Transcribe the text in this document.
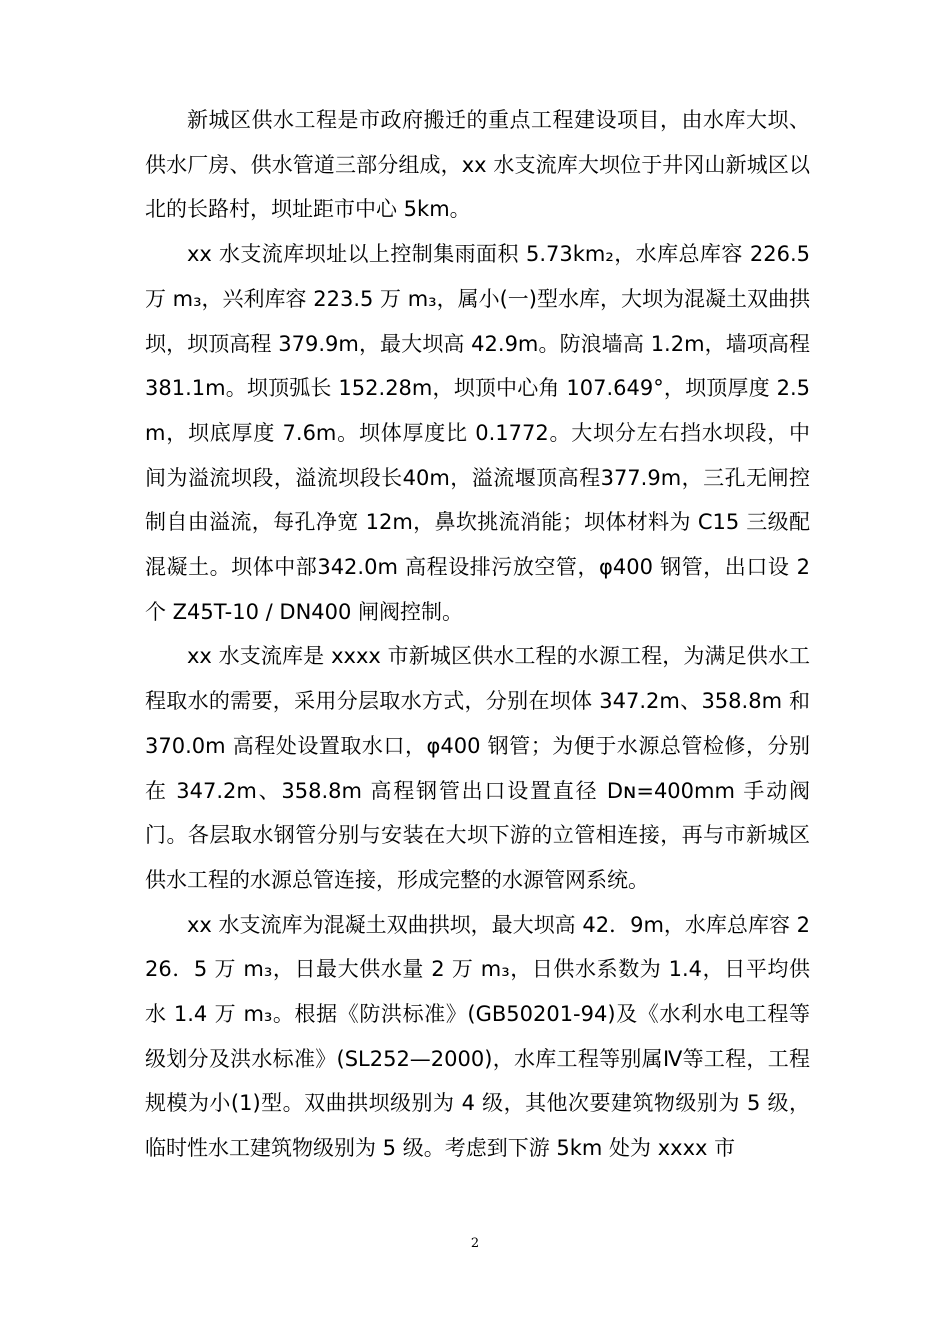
新城区供水工程是市政府搬迁的重点工程建设项目，由水库大坝、供水厂房、供水管道三部分组成，xx 水支流库大坝位于井冈山新城区以北的长路村，坝址距市中心 5km。

xx 水支流库坝址以上控制集雨面积 5.73km₂，水库总库容 226.5 万 m₃，兴利库容 223.5 万 m₃，属小(一)型水库，大坝为混凝土双曲拱坝，坝顶高程 379.9m，最大坝高 42.9m。防浪墙高 1.2m，墙项高程 381.1m。坝顶弧长 152.28m，坝顶中心角 107.649°，坝顶厚度 2.5m，坝底厚度 7.6m。坝体厚度比 0.1772。大坝分左右挡水坝段，中间为溢流坝段，溢流坝段长40m，溢流堰顶高程377.9m，三孔无闸控制自由溢流，每孔净宽 12m，鼻坎挑流消能；坝体材料为 C15 三级配混凝土。坝体中部342.0m 高程设排污放空管，φ400 钢管，出口设 2 个 Z45T-10 / DN400 闸阀控制。

xx 水支流库是 xxxx 市新城区供水工程的水源工程，为满足供水工程取水的需要，采用分层取水方式，分别在坝体 347.2m、358.8m 和 370.0m 高程处设置取水口，φ400 钢管；为便于水源总管检修，分别在 347.2m、358.8m 高程钢管出口设置直径 Dɴ=400mm 手动阀门。各层取水钢管分别与安装在大坝下游的立管相连接，再与市新城区供水工程的水源总管连接，形成完整的水源管网系统。

xx 水支流库为混凝土双曲拱坝，最大坝高 42．9m，水库总库容 226．5 万 m₃，日最大供水量 2 万 m₃，日供水系数为 1.4，日平均供水 1.4 万 m₃。根据《防洪标准》(GB50201-94)及《水利水电工程等级划分及洪水标准》(SL252—2000)，水库工程等别属Ⅳ等工程，工程规模为小(1)型。双曲拱坝级别为 4 级，其他次要建筑物级别为 5 级，临时性水工建筑物级别为 5 级。考虑到下游 5km 处为 xxxx 市

2
